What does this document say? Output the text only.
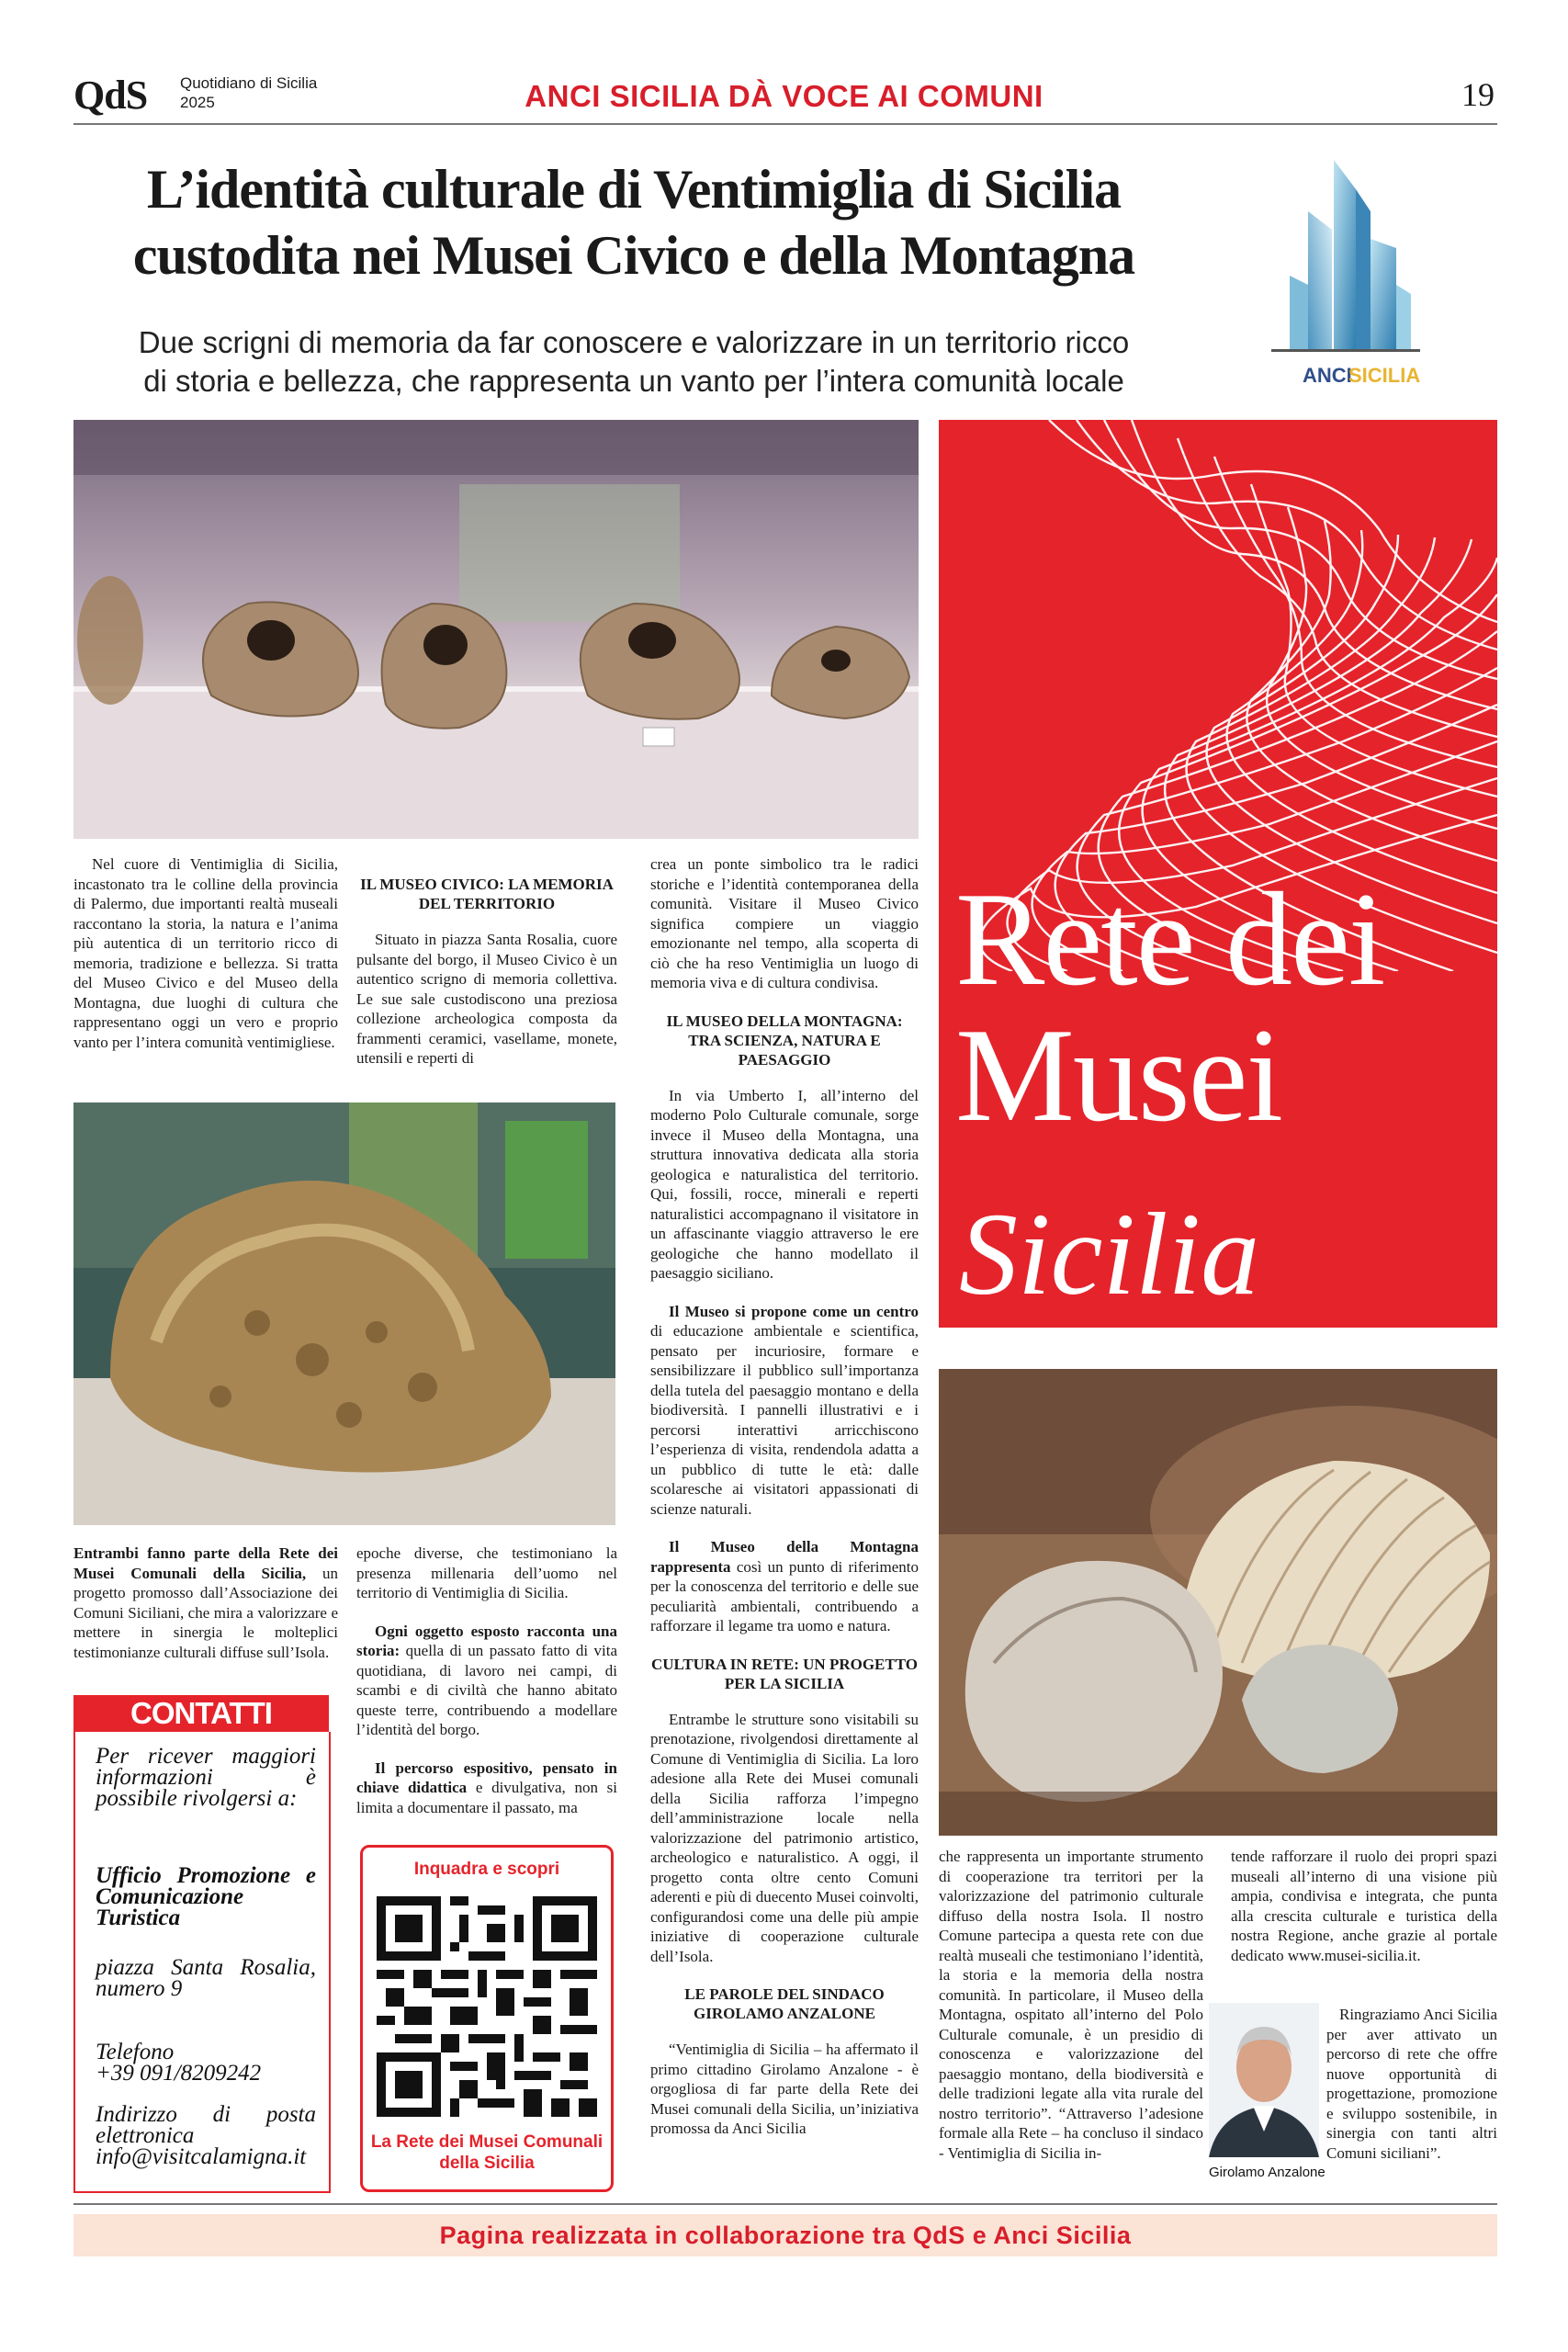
QdS Quotidiano di Sicilia
2025	ANCI SICILIA DÀ VOCE AI COMUNI	19
L’identità culturale di Ventimiglia di Sicilia
custodita nei Musei Civico e della Montagna
Due scrigni di memoria da far conoscere e valorizzare in un territorio ricco
di storia e bellezza, che rappresenta un vanto per l’intera comunità locale	ANCI
SICILIA

Nel cuore di Ventimiglia di Sicilia, incastonato tra le colline della provincia di Palermo, due importanti realtà museali raccontano la storia, la natura e l’anima più autentica di un territorio ricco di memoria, tradizione e bellezza. Si tratta del Museo Civico e del Museo della Montagna, due luoghi di cultura che rappresentano oggi un vero e proprio vanto per l’intera comunità ventimigliese.

Entrambi fanno parte della Rete dei Musei Comunali della Sicilia, un progetto promosso dall’Associazione dei Comuni Siciliani, che mira a valorizzare e mettere in sinergia le molteplici testimonianze culturali diffuse sull’Isola.

IL MUSEO CIVICO: LA MEMORIA DEL TERRITORIO

Situato in piazza Santa Rosalia, cuore pulsante del borgo, il Museo Civico è un autentico scrigno di memoria collettiva. Le sue sale custodiscono una preziosa collezione archeologica composta da frammenti ceramici, vasellame, monete, utensili e reperti di

epoche diverse, che testimoniano la presenza millenaria dell’uomo nel territorio di Ventimiglia di Sicilia.

Ogni oggetto esposto racconta una storia: quella di un passato fatto di vita quotidiana, di lavoro nei campi, di scambi e di civiltà che hanno abitato queste terre, contribuendo a modellare l’identità del borgo.

Il percorso espositivo, pensato in chiave didattica e divulgativa, non si limita a documentare il passato, ma

crea un ponte simbolico tra le radici storiche e l’identità contemporanea della comunità. Visitare il Museo Civico significa compiere un viaggio emozionante nel tempo, alla scoperta di ciò che ha reso Ventimiglia un luogo di memoria viva e di cultura condivisa.

IL MUSEO DELLA MONTAGNA: TRA SCIENZA, NATURA E PAESAGGIO

In via Umberto I, all’interno del moderno Polo Culturale comunale, sorge invece il Museo della Montagna, una struttura innovativa dedicata alla storia geologica e naturalistica del territorio. Qui, fossili, rocce, minerali e reperti naturalistici accompagnano il visitatore in un affascinante viaggio attraverso le ere geologiche che hanno modellato il paesaggio siciliano.

Il Museo si propone come un centro di educazione ambientale e scientifica, pensato per incuriosire, formare e sensibilizzare il pubblico sull’importanza della tutela del paesaggio montano e della biodiversità. I pannelli illustrativi e i percorsi interattivi arricchiscono l’esperienza di visita, rendendola adatta a un pubblico di tutte le età: dalle scolaresche ai visitatori appassionati di scienze naturali.

Il Museo della Montagna rappresenta così un punto di riferimento per la conoscenza del territorio e delle sue peculiarità ambientali, contribuendo a rafforzare il legame tra uomo e natura.

CULTURA IN RETE: UN PROGETTO PER LA SICILIA

Entrambe le strutture sono visitabili su prenotazione, rivolgendosi direttamente al Comune di Ventimiglia di Sicilia. La loro adesione alla Rete dei Musei comunali della Sicilia rafforza l’impegno dell’amministrazione locale nella valorizzazione del patrimonio artistico, archeologico e naturalistico. A oggi, il progetto conta oltre cento Comuni aderenti e più di duecento Musei coinvolti, configurandosi come una delle più ampie iniziative di cooperazione culturale dell’Isola.

LE PAROLE DEL SINDACO GIROLAMO ANZALONE

“Ventimiglia di Sicilia – ha affermato il primo cittadino Girolamo Anzalone - è orgogliosa di far parte della Rete dei Musei comunali della Sicilia, un’iniziativa promossa da Anci Sicilia

Rete dei
Musei
Sicilia

che rappresenta un importante strumento di cooperazione tra territori per la valorizzazione del patrimonio culturale diffuso della nostra Isola. Il nostro Comune partecipa a questa rete con due realtà museali che testimoniano l’identità, la storia e la memoria della nostra comunità. In particolare, il Museo della Montagna, ospitato all’interno del Polo Culturale comunale, è un presidio di conoscenza e valorizzazione del paesaggio montano, della biodiversità e delle tradizioni legate alla vita rurale del nostro territorio”. “Attraverso l’adesione formale alla Rete – ha concluso il sindaco - Ventimiglia di Sicilia in-

tende rafforzare il ruolo dei propri spazi museali all’interno di una visione più ampia, condivisa e integrata, che punta alla crescita culturale e turistica della nostra Regione, anche grazie al portale dedicato www.musei-sicilia.it.

Girolamo Anzalone

Ringraziamo Anci Sicilia per aver attivato un percorso di rete che offre nuove opportunità di progettazione, promozione e sviluppo sostenibile, in sinergia con tanti altri Comuni siciliani”.

CONTATTI
Per ricever maggiori informazioni è possibile rivolgersi a:
Ufficio Promozione e Comunicazione Turistica
piazza Santa Rosalia, numero 9
Telefono
+39 091/8209242
Indirizzo di posta elettronica
info@visitcalamigna.it
Inquadra e scopri
La Rete dei Musei Comunali della Sicilia
Pagina realizzata in collaborazione tra QdS e Anci Sicilia
